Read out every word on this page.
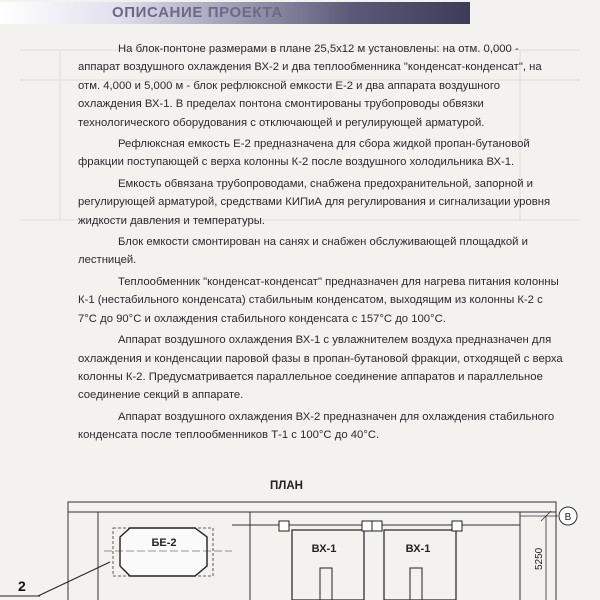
ОПИСАНИЕ ПРОЕКТА

На блок-понтоне размерами в плане 25,5х12 м установлены: на отм. 0,000 - аппарат воздушного охлаждения ВХ-2 и два теплообменника "конденсат-конденсат", на отм. 4,000 и 5,000 м - блок рефлюксной емкости Е-2 и два аппарата воздушного охлаждения ВХ-1. В пределах понтона смонтированы трубопроводы обвязки технологического оборудования с отключающей и регулирующей арматурой.

Рефлюксная емкость Е-2 предназначена для сбора жидкой пропан-бутановой фракции поступающей с верха колонны К-2 после воздушного холодильника ВХ-1.

Емкость обвязана трубопроводами, снабжена предохранительной, запорной и регулирующей арматурой, средствами КИПиА для регулирования и сигнализации уровня жидкости давления и температуры.

Блок емкости смонтирован на санях и снабжен обслуживающей площадкой и лестницей.

Теплообменник "конденсат-конденсат" предназначен для нагрева питания колонны К-1 (нестабильного конденсата) стабильным конденсатом, выходящим из колонны К-2 с 7°С до 90°С и охлаждения стабильного конденсата с 157°С до 100°С.

Аппарат воздушного охлаждения ВХ-1 с увлажнителем воздуха предназначен для охлаждения и конденсации паровой фазы в пропан-бутановой фракции, отходящей с верха колонны К-2. Предусматривается параллельное соединение аппаратов и параллельное соединение секций в аппарате.

Аппарат воздушного охлаждения ВХ-2 предназначен для охлаждения стабильного конденсата после теплообменников Т-1 с 100°С до 40°С.

ПЛАН
В
5250
БЕ-2	ВХ-1	ВХ-1
2
